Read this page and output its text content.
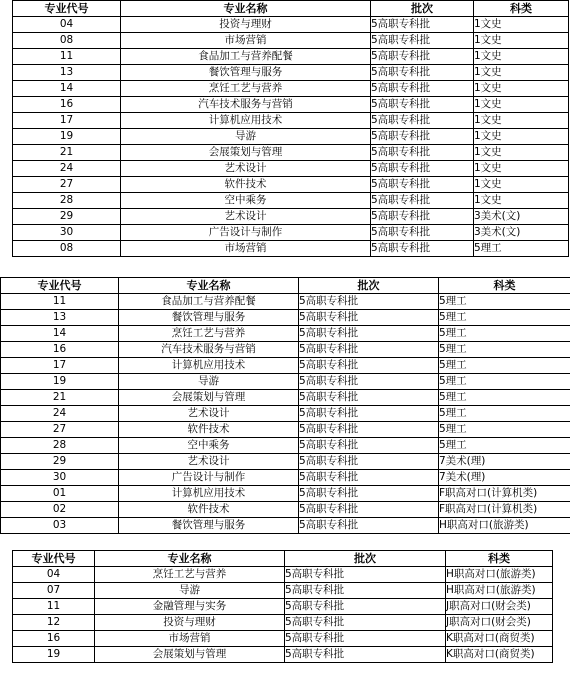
专业代号	专业名称	批次	科类
04	投资与理财	5高职专科批	1文史
08	市场营销	5高职专科批	1文史
11	食品加工与营养配餐	5高职专科批	1文史
13	餐饮管理与服务	5高职专科批	1文史
14	烹饪工艺与营养	5高职专科批	1文史
16	汽车技术服务与营销	5高职专科批	1文史
17	计算机应用技术	5高职专科批	1文史
19	导游	5高职专科批	1文史
21	会展策划与管理	5高职专科批	1文史
24	艺术设计	5高职专科批	1文史
27	软件技术	5高职专科批	1文史
28	空中乘务	5高职专科批	1文史
29	艺术设计	5高职专科批	3美术(文)
30	广告设计与制作	5高职专科批	3美术(文)
08	市场营销	5高职专科批	5理工
专业代号	专业名称	批次	科类
11	食品加工与营养配餐	5高职专科批	5理工
13	餐饮管理与服务	5高职专科批	5理工
14	烹饪工艺与营养	5高职专科批	5理工
16	汽车技术服务与营销	5高职专科批	5理工
17	计算机应用技术	5高职专科批	5理工
19	导游	5高职专科批	5理工
21	会展策划与管理	5高职专科批	5理工
24	艺术设计	5高职专科批	5理工
27	软件技术	5高职专科批	5理工
28	空中乘务	5高职专科批	5理工
29	艺术设计	5高职专科批	7美术(理)
30	广告设计与制作	5高职专科批	7美术(理)
01	计算机应用技术	5高职专科批	F职高对口(计算机类)
02	软件技术	5高职专科批	F职高对口(计算机类)
03	餐饮管理与服务	5高职专科批	H职高对口(旅游类)
专业代号	专业名称	批次	科类
04	烹饪工艺与营养	5高职专科批	H职高对口(旅游类)
07	导游	5高职专科批	H职高对口(旅游类)
11	金融管理与实务	5高职专科批	J职高对口(财会类)
12	投资与理财	5高职专科批	J职高对口(财会类)
16	市场营销	5高职专科批	K职高对口(商贸类)
19	会展策划与管理	5高职专科批	K职高对口(商贸类)
